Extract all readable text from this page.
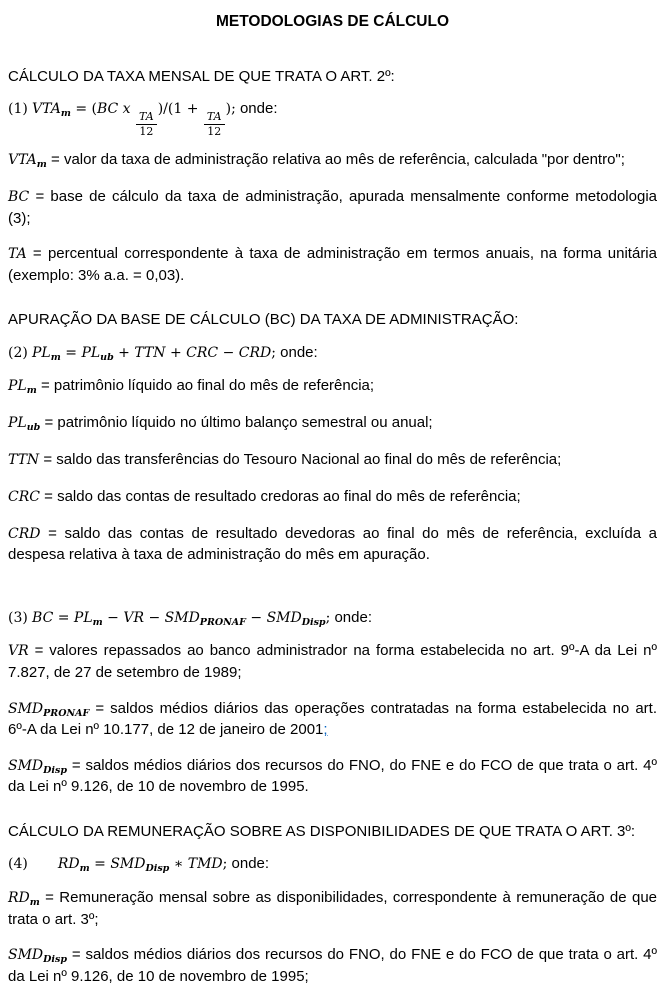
METODOLOGIAS DE CÁLCULO

CÁLCULO DA TAXA MENSAL DE QUE TRATA O ART. 2º:

(1) $VTA_m = (BC$ x
$\frac{TA}{12}$
)/(1 +
$\frac{TA}{12}$
); onde:

$VTA_m$ = valor da taxa de administração relativa ao mês de referência, calculada "por dentro";

BC = base de cálculo da taxa de administração, apurada mensalmente conforme metodologia (3);

TA = percentual correspondente à taxa de administração em termos anuais, na forma unitária (exemplo: 3% a.a. = 0,03).

APURAÇÃO DA BASE DE CÁLCULO (BC) DA TAXA DE ADMINISTRAÇÃO:

(2) $PL_m = PL_{ub}$ + TTN + CRC − CRD; onde:

$PL_m$ = patrimônio líquido ao final do mês de referência;

$PL_{ub}$ = patrimônio líquido no último balanço semestral ou anual;

TTN = saldo das transferências do Tesouro Nacional ao final do mês de referência;

CRC = saldo das contas de resultado credoras ao final do mês de referência;

CRD = saldo das contas de resultado devedoras ao final do mês de referência, excluída a despesa relativa à taxa de administração do mês em apuração.

(3) BC = $PL_m$ − VR − $SMD_{PRONAF} - SMD_{Disp}$; onde:

VR = valores repassados ao banco administrador na forma estabelecida no art. 9º-A da Lei nº 7.827, de 27 de setembro de 1989;

$SMD_{PRONAF}$ = saldos médios diários das operações contratadas na forma estabelecida no art. 6º-A da Lei nº 10.177, de 12 de janeiro de 2001;

$SMD_{Disp}$ = saldos médios diários dos recursos do FNO, do FNE e do FCO de que trata o art. 4º da Lei nº 9.126, de 10 de novembro de 1995.

CÁLCULO DA REMUNERAÇÃO SOBRE AS DISPONIBILIDADES DE QUE TRATA O ART. 3º:

(4) $RD_m = SMD_{Disp}$ ∗ TMD; onde:

$RD_m$ = Remuneração mensal sobre as disponibilidades, correspondente à remuneração de que trata o art. 3º;

$SMD_{Disp}$ = saldos médios diários dos recursos do FNO, do FNE e do FCO de que trata o art. 4º da Lei nº 9.126, de 10 de novembro de 1995;
